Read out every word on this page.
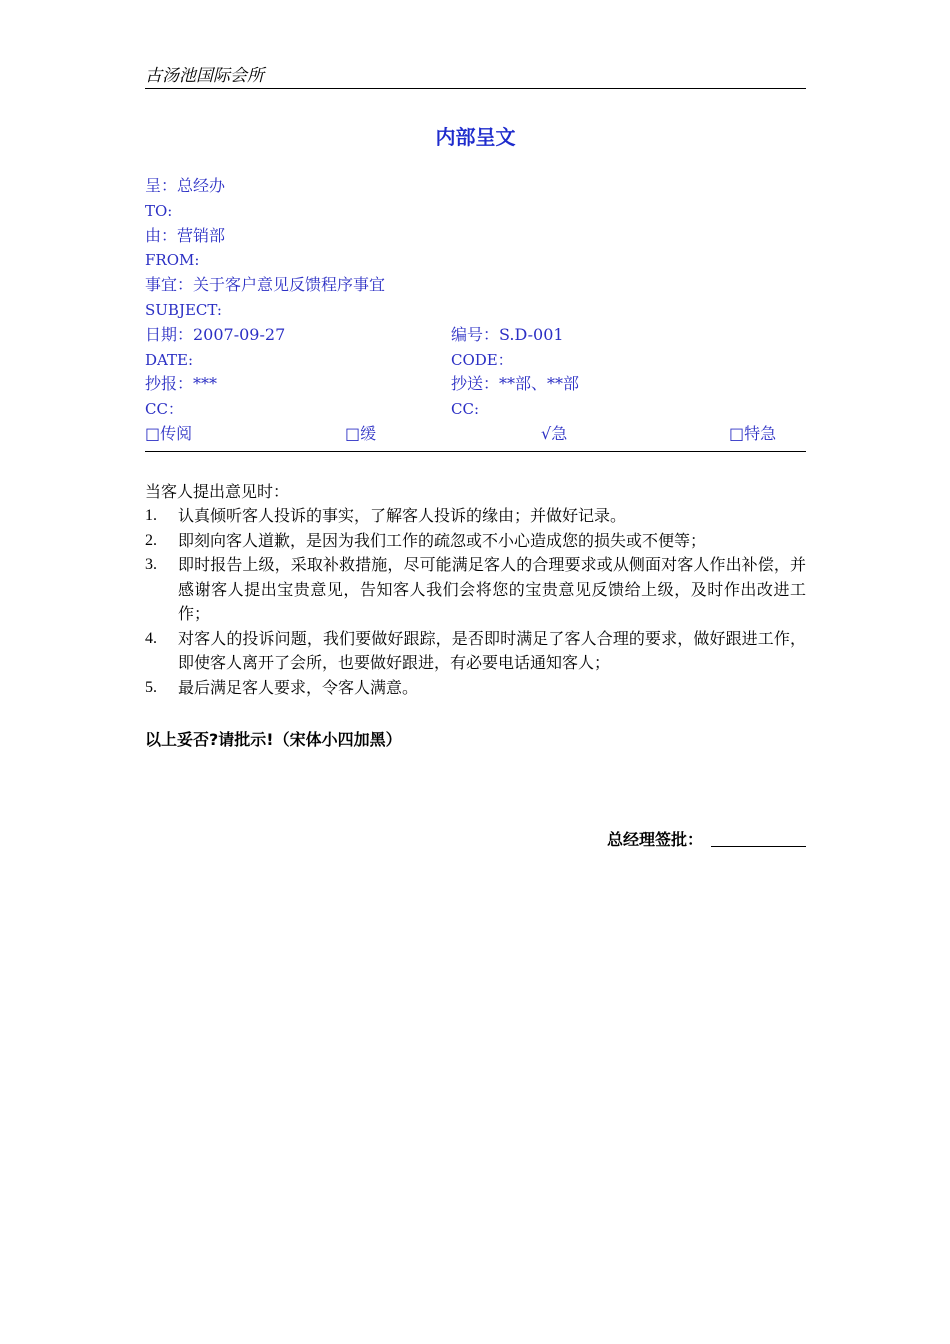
古汤池国际会所
内部呈文
呈：总经办
TO:
由：营销部
FROM:
事宜：关于客户意见反馈程序事宜
SUBJECT:
日期：2007-09-27	编号：S.D-001
DATE:	CODE：
抄报：***	抄送：**部、**部
CC：	CC:
□传阅	□缓	√急	□特急
当客人提出意见时：
1. 认真倾听客人投诉的事实，了解客人投诉的缘由；并做好记录。
2. 即刻向客人道歉，是因为我们工作的疏忽或不小心造成您的损失或不便等；
3. 即时报告上级，采取补救措施，尽可能满足客人的合理要求或从侧面对客人作出补偿，并感谢客人提出宝贵意见，告知客人我们会将您的宝贵意见反馈给上级，及时作出改进工作；
4. 对客人的投诉问题，我们要做好跟踪，是否即时满足了客人合理的要求，做好跟进工作，即使客人离开了会所，也要做好跟进，有必要电话通知客人；
5. 最后满足客人要求，令客人满意。
以上妥否?请批示!（宋体小四加黑）
总经理签批：
